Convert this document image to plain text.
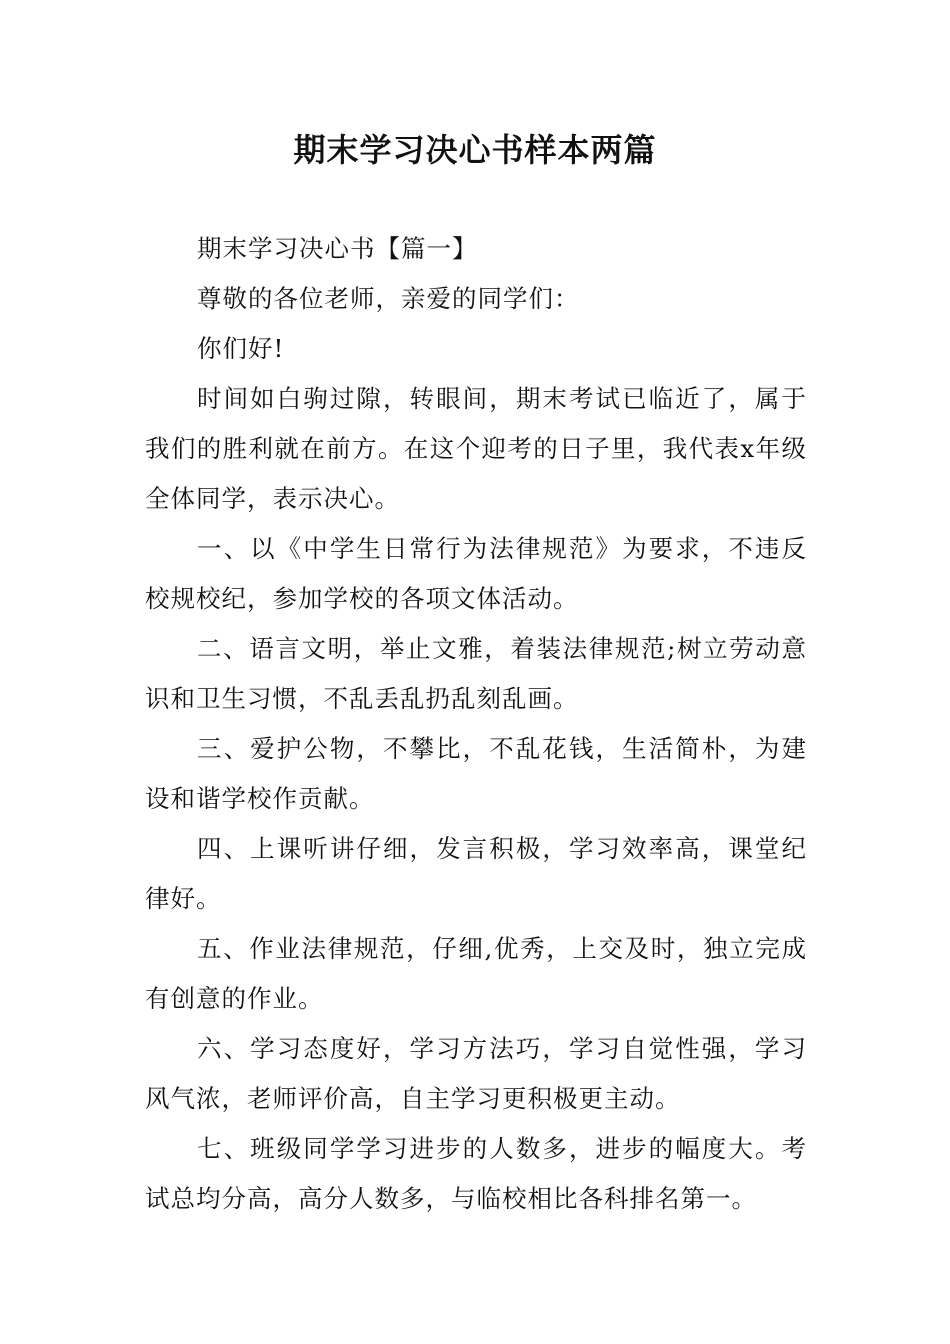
期末学习决心书样本两篇

期末学习决心书【篇一】

尊敬的各位老师，亲爱的同学们：

你们好!

时间如白驹过隙，转眼间，期末考试已临近了，属于我们的胜利就在前方。在这个迎考的日子里，我代表x年级全体同学，表示决心。

一、以《中学生日常行为法律规范》为要求，不违反校规校纪，参加学校的各项文体活动。

二、语言文明，举止文雅，着装法律规范;树立劳动意识和卫生习惯，不乱丢乱扔乱刻乱画。

三、爱护公物，不攀比，不乱花钱，生活简朴，为建设和谐学校作贡献。

四、上课听讲仔细，发言积极，学习效率高，课堂纪律好。

五、作业法律规范，仔细,优秀，上交及时，独立完成有创意的作业。

六、学习态度好，学习方法巧，学习自觉性强，学习风气浓，老师评价高，自主学习更积极更主动。

七、班级同学学习进步的人数多，进步的幅度大。考试总均分高，高分人数多，与临校相比各科排名第一。
